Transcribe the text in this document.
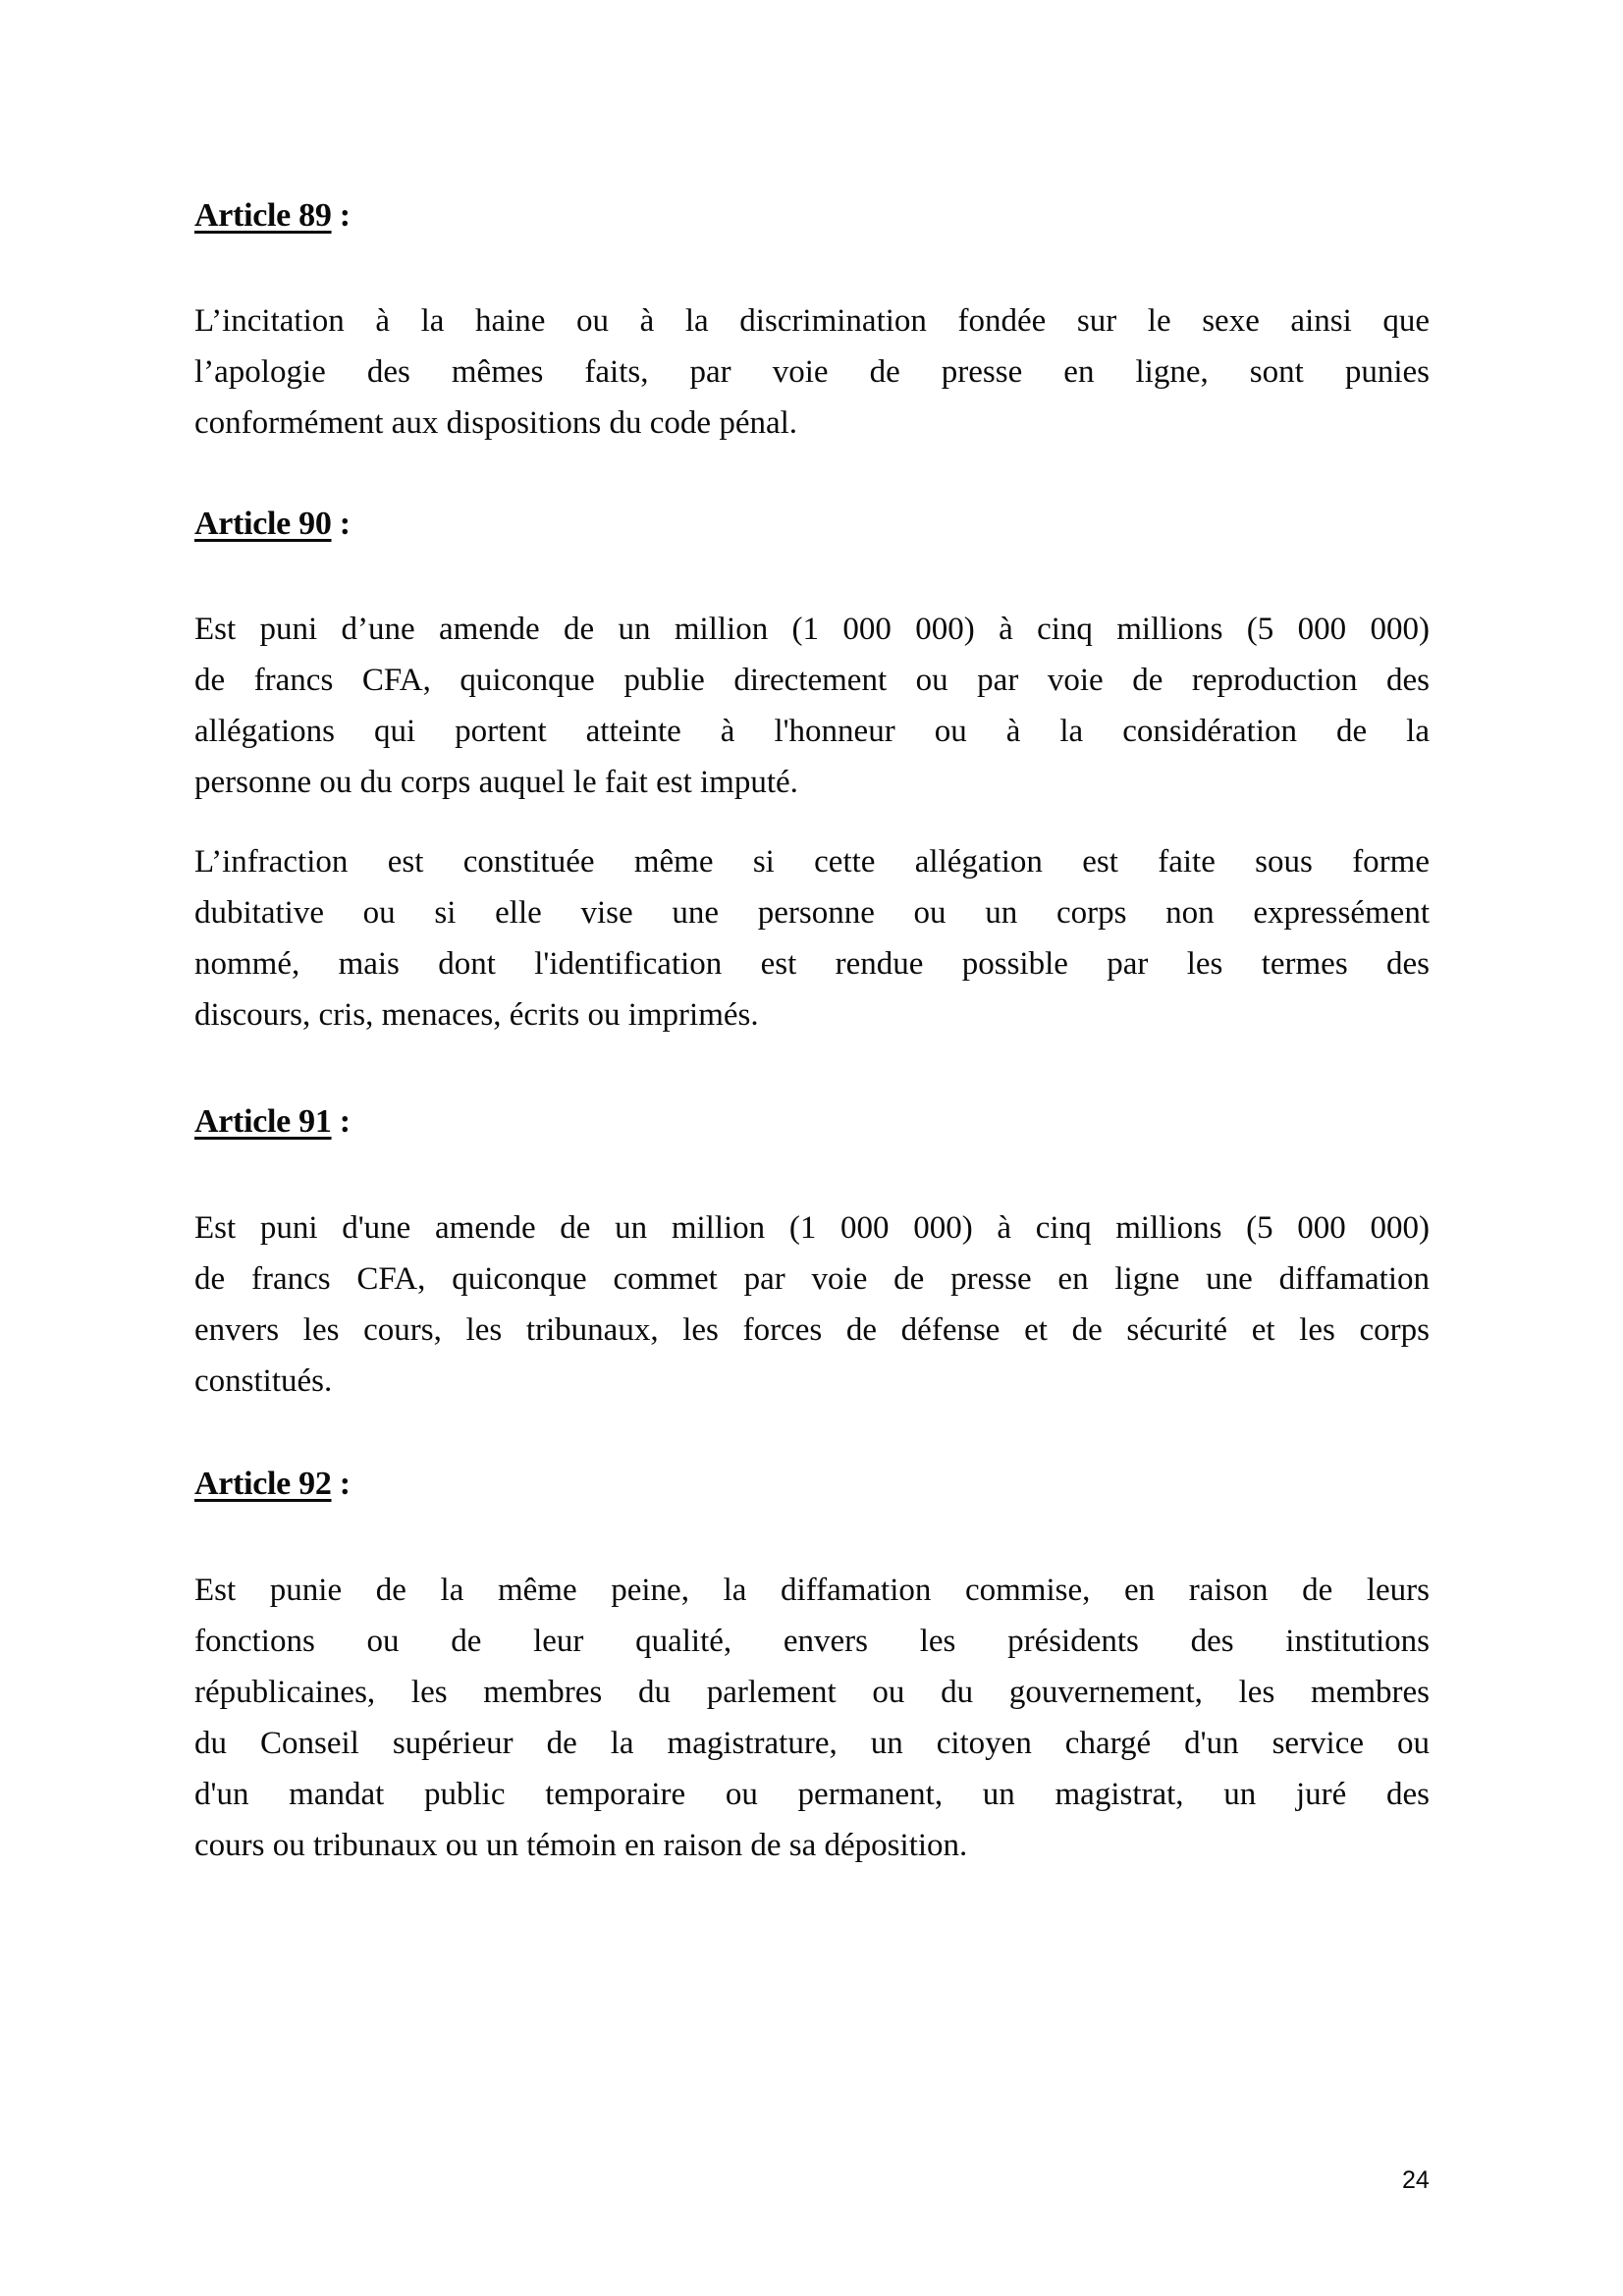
Article 89 :
L’incitation à la haine ou à la discrimination fondée sur le sexe ainsi que
l’apologie des mêmes faits, par voie de presse en ligne, sont punies
conformément aux dispositions du code pénal.
Article 90 :
Est puni d’une amende de un million (1 000 000) à cinq millions (5 000 000)
de francs CFA, quiconque publie directement ou par voie de reproduction des
allégations qui portent atteinte à l'honneur ou à la considération de la
personne ou du corps auquel le fait est imputé.
L’infraction est constituée même si cette allégation est faite sous forme
dubitative ou si elle vise une personne ou un corps non expressément
nommé, mais dont l'identification est rendue possible par les termes des
discours, cris, menaces, écrits ou imprimés.
Article 91 :
Est puni d'une amende de un million (1 000 000) à cinq millions (5 000 000)
de francs CFA, quiconque commet par voie de presse en ligne une diffamation
envers les cours, les tribunaux, les forces de défense et de sécurité et les corps
constitués.
Article 92 :
Est punie de la même peine, la diffamation commise, en raison de leurs
fonctions ou de leur qualité, envers les présidents des institutions
républicaines, les membres du parlement ou du gouvernement, les membres
du Conseil supérieur de la magistrature, un citoyen chargé d'un service ou
d'un mandat public temporaire ou permanent, un magistrat, un juré des
cours ou tribunaux ou un témoin en raison de sa déposition.
24
